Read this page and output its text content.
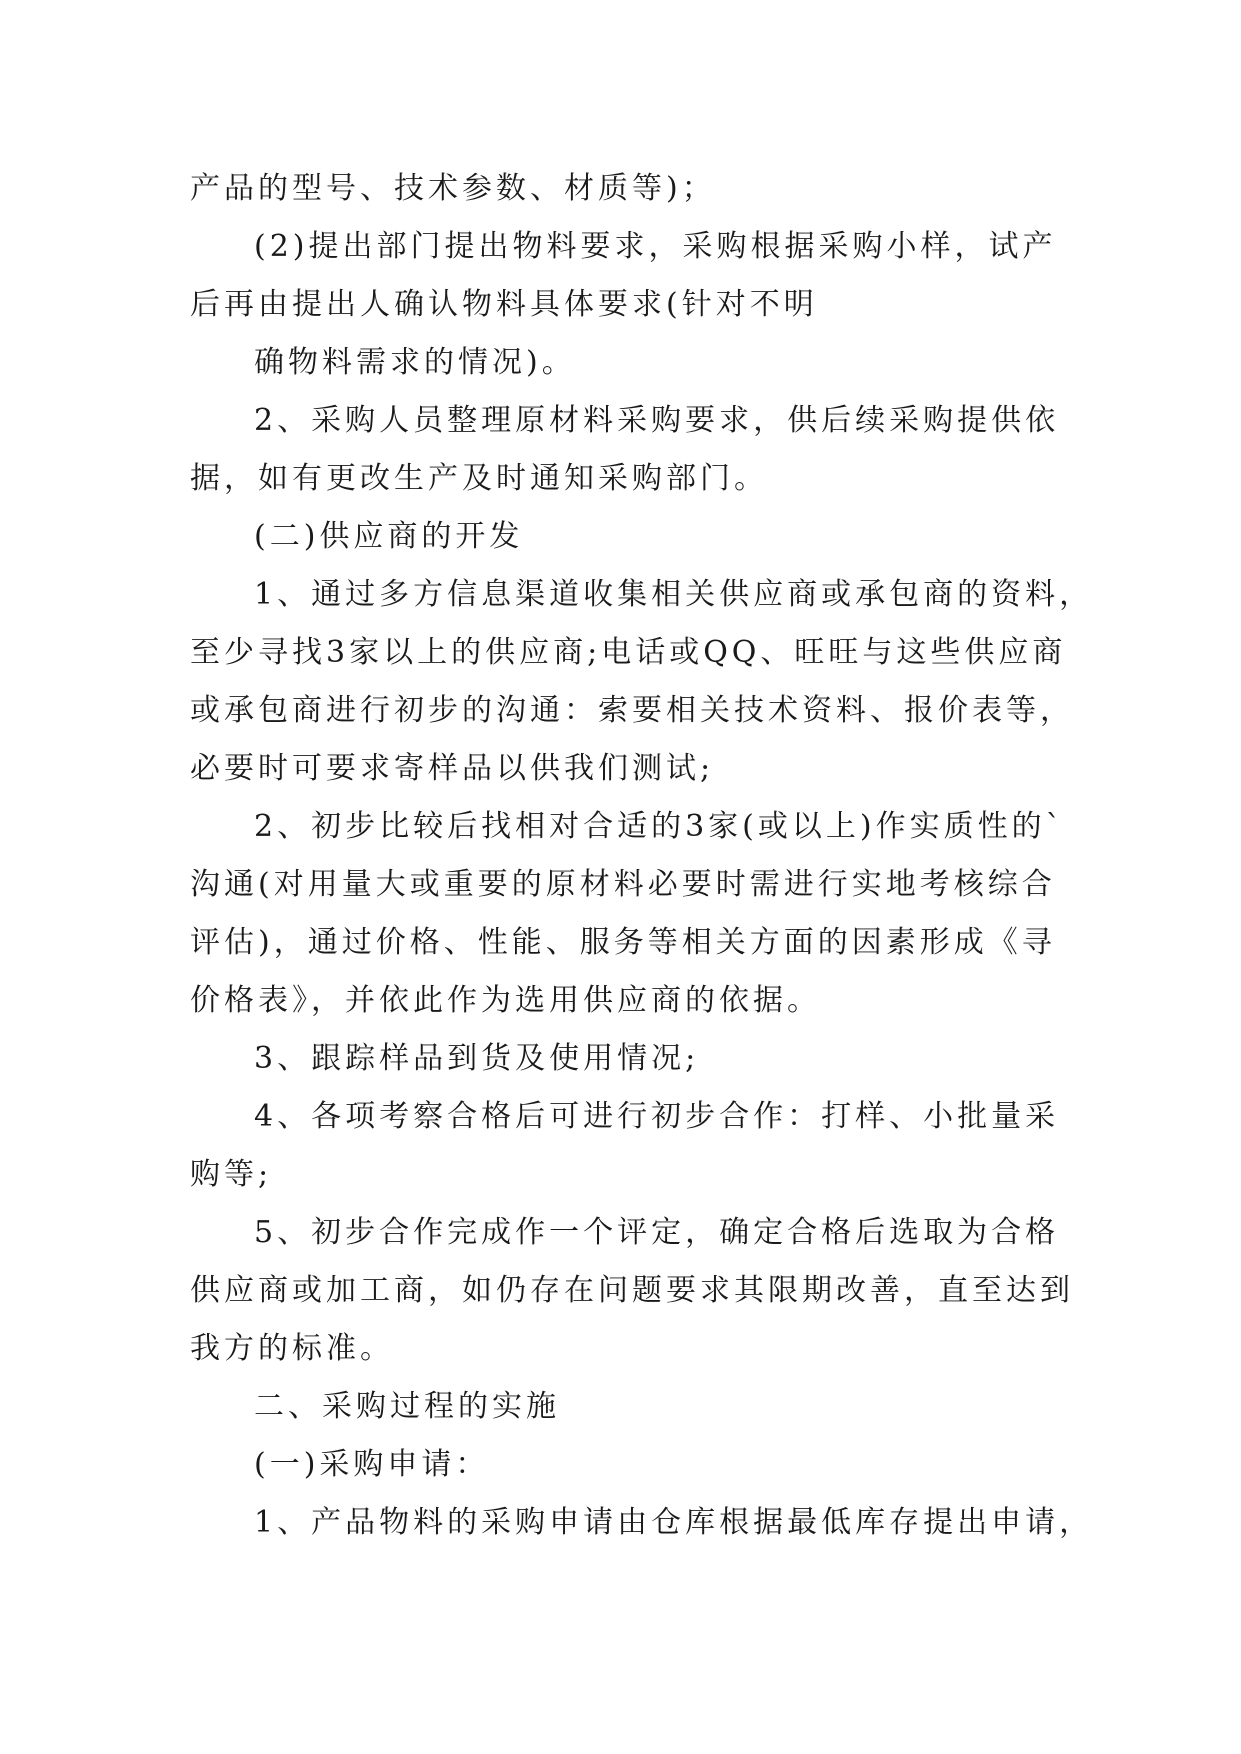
产品的型号、技术参数、材质等)；
(2)提出部门提出物料要求，采购根据采购小样，试产
后再由提出人确认物料具体要求(针对不明
确物料需求的情况)。
2、采购人员整理原材料采购要求，供后续采购提供依
据，如有更改生产及时通知采购部门。
(二)供应商的开发
1、通过多方信息渠道收集相关供应商或承包商的资料，
至少寻找3家以上的供应商;电话或QQ、旺旺与这些供应商
或承包商进行初步的沟通：索要相关技术资料、报价表等，
必要时可要求寄样品以供我们测试;
2、初步比较后找相对合适的3家(或以上)作实质性的`
沟通(对用量大或重要的原材料必要时需进行实地考核综合
评估)，通过价格、性能、服务等相关方面的因素形成《寻
价格表》，并依此作为选用供应商的依据。
3、跟踪样品到货及使用情况;
4、各项考察合格后可进行初步合作：打样、小批量采
购等;
5、初步合作完成作一个评定，确定合格后选取为合格
供应商或加工商，如仍存在问题要求其限期改善，直至达到
我方的标准。
二、采购过程的实施
(一)采购申请：
1、产品物料的采购申请由仓库根据最低库存提出申请，
